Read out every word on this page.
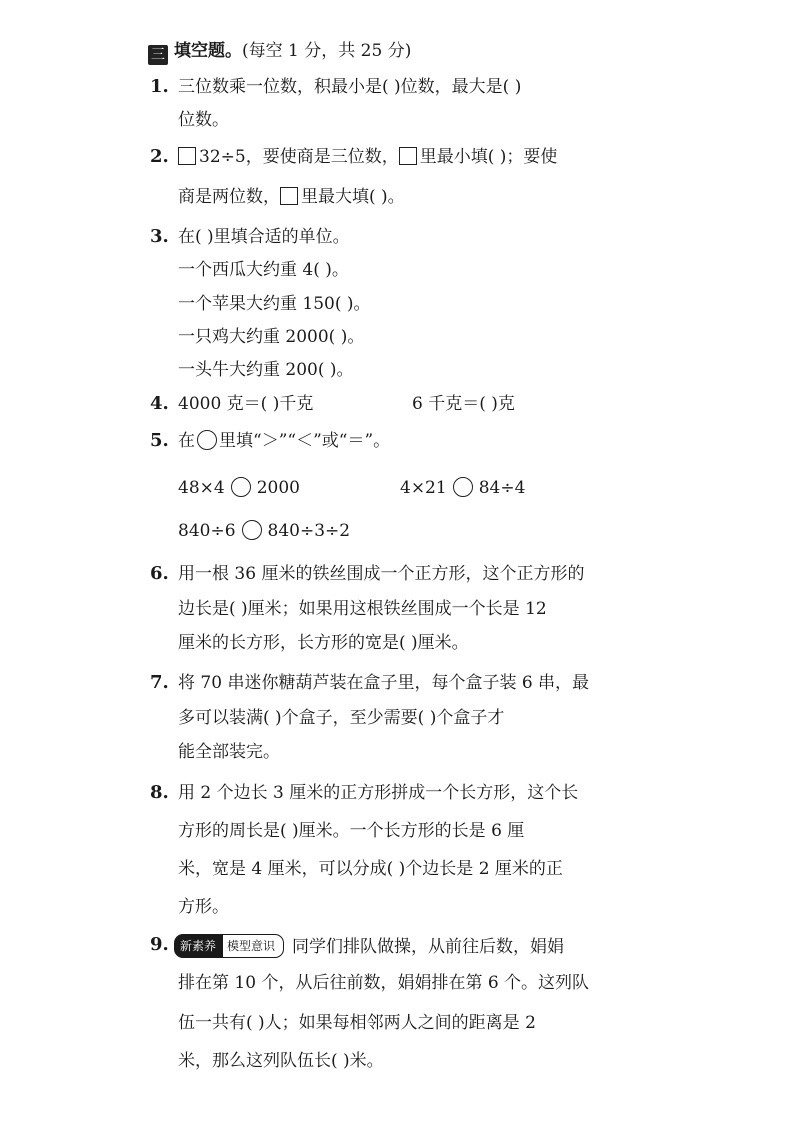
三 填空题。(每空 1 分，共 25 分)
1. 三位数乘一位数，积最小是( )位数，最大是( )
位数。
2.	32÷5，要使商是三位数， 里最小填( )；要使
商是两位数， 里最大填( )。
3. 在( )里填合适的单位。
一个西瓜大约重 4( )。
一个苹果大约重 150( )。
一只鸡大约重 2000( )。
一头牛大约重 200( )。
4. 4000 克＝( )千克	6 千克＝( )克
5. 在 里填“＞”“＜”或“＝”。
48×4 2000	4×21 84÷4
840÷6 840÷3÷2
6. 用一根 36 厘米的铁丝围成一个正方形，这个正方形的
边长是( )厘米；如果用这根铁丝围成一个长是 12
厘米的长方形，长方形的宽是( )厘米。
7. 将 70 串迷你糖葫芦装在盒子里，每个盒子装 6 串，最
多可以装满( )个盒子，至少需要( )个盒子才
能全部装完。
8. 用 2 个边长 3 厘米的正方形拼成一个长方形，这个长
方形的周长是( )厘米。一个长方形的长是 6 厘
米，宽是 4 厘米，可以分成( )个边长是 2 厘米的正
方形。
9. 新素养 模型意识 同学们排队做操，从前往后数，娟娟
排在第 10 个，从后往前数，娟娟排在第 6 个。这列队
伍一共有( )人；如果每相邻两人之间的距离是 2
米，那么这列队伍长( )米。
